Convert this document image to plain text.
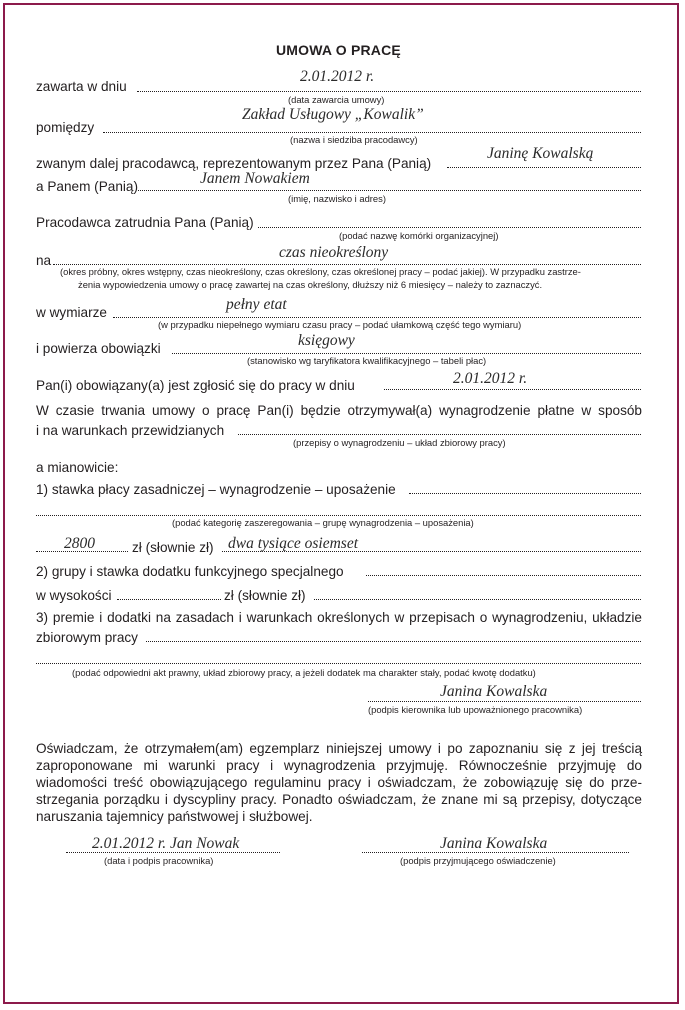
UMOWA O PRACĘ
zawarta w dniu
2.01.2012 r.
(data zawarcia umowy)
pomiędzy
Zakład Usługowy „Kowalik”
(nazwa i siedziba pracodawcy)
zwanym dalej pracodawcą, reprezentowanym przez Pana (Panią)
Janinę Kowalską
a Panem (Panią)	Janem Nowakiem
(imię, nazwisko i adres)
Pracodawca zatrudnia Pana (Panią)
(podać nazwę komórki organizacyjnej)
na	czas nieokreślony
(okres próbny, okres wstępny, czas nieokreślony, czas określony, czas określonej pracy – podać jakiej). W przypadku zastrze-
żenia wypowiedzenia umowy o pracę zawartej na czas określony, dłuższy niż 6 miesięcy – należy to zaznaczyć.
w wymiarze	pełny etat
(w przypadku niepełnego wymiaru czasu pracy – podać ułamkową część tego wymiaru)
i powierza obowiązki	księgowy
(stanowisko wg taryfikatora kwalifikacyjnego – tabeli płac)
Pan(i) obowiązany(a) jest zgłosić się do pracy w dniu	2.01.2012 r.
W czasie trwania umowy o pracę Pan(i) będzie otrzymywał(a) wynagrodzenie płatne w sposób
i na warunkach przewidzianych
(przepisy o wynagrodzeniu – układ zbiorowy pracy)
a mianowicie:
1) stawka płacy zasadniczej – wynagrodzenie – uposażenie
(podać kategorię zaszeregowania – grupę wynagrodzenia – uposażenia)
2800	zł (słownie zł) dwa tysiące osiemset
2) grupy i stawka dodatku funkcyjnego specjalnego
w wysokości	zł (słownie zł)
3) premie i dodatki na zasadach i warunkach określonych w przepisach o wynagrodzeniu, układzie
zbiorowym pracy
(podać odpowiedni akt prawny, układ zbiorowy pracy, a jeżeli dodatek ma charakter stały, podać kwotę dodatku)
Janina Kowalska
(podpis kierownika lub upoważnionego pracownika)
Oświadczam, że otrzymałem(am) egzemplarz niniejszej umowy i po zapoznaniu się z jej treścią
zaproponowane mi warunki pracy i wynagrodzenia przyjmuję. Równocześnie przyjmuję do
wiadomości treść obowiązującego regulaminu pracy i oświadczam, że zobowiązuję się do prze-
strzegania porządku i dyscypliny pracy. Ponadto oświadczam, że znane mi są przepisy, dotyczące
naruszania tajemnicy państwowej i służbowej.
2.01.2012 r. Jan Nowak
(data i podpis pracownika)
Janina Kowalska
(podpis przyjmującego oświadczenie)
